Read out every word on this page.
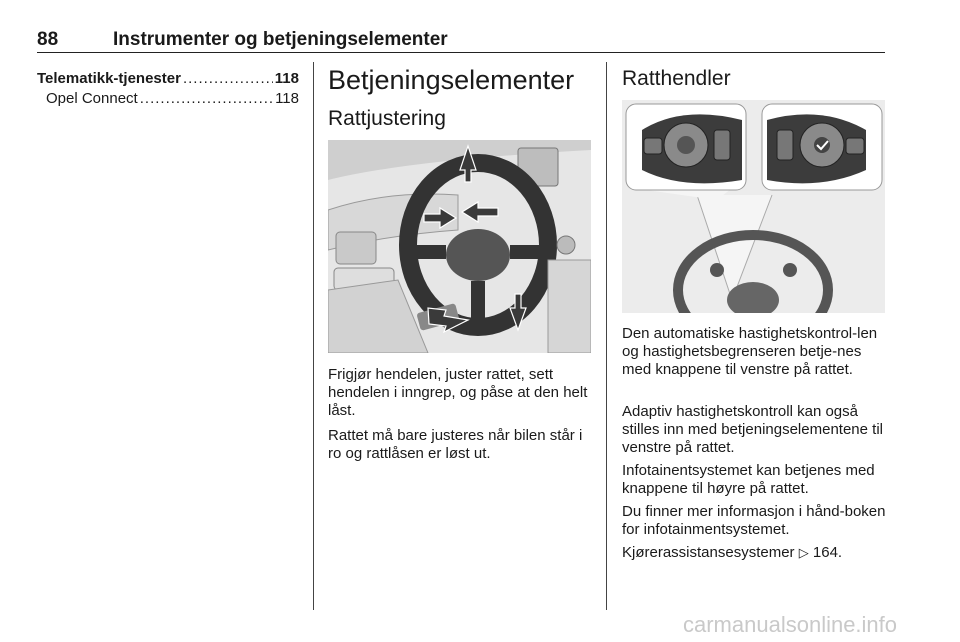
88	Instrumenter og betjeningselementer
Telematikk-tjenester .....	118
Opel Connect .....	118
Betjeningselementer
Rattjustering
Frigjør hendelen, juster rattet, sett hendelen i inngrep, og påse at den helt låst.
Rattet må bare justeres når bilen står i ro og rattlåsen er løst ut.
Ratthendler
Den automatiske hastighetskontrol-len og hastighetsbegrenseren betje-nes med knappene til venstre på rattet.
Adaptiv hastighetskontroll kan også stilles inn med betjeningselementene til venstre på rattet.
Infotainentsystemet kan betjenes med knappene til høyre på rattet.
Du finner mer informasjon i hånd-boken for infotainmentsystemet.
Kjørerassistansesystemer ▷ 164.
carmanualsonline.info
